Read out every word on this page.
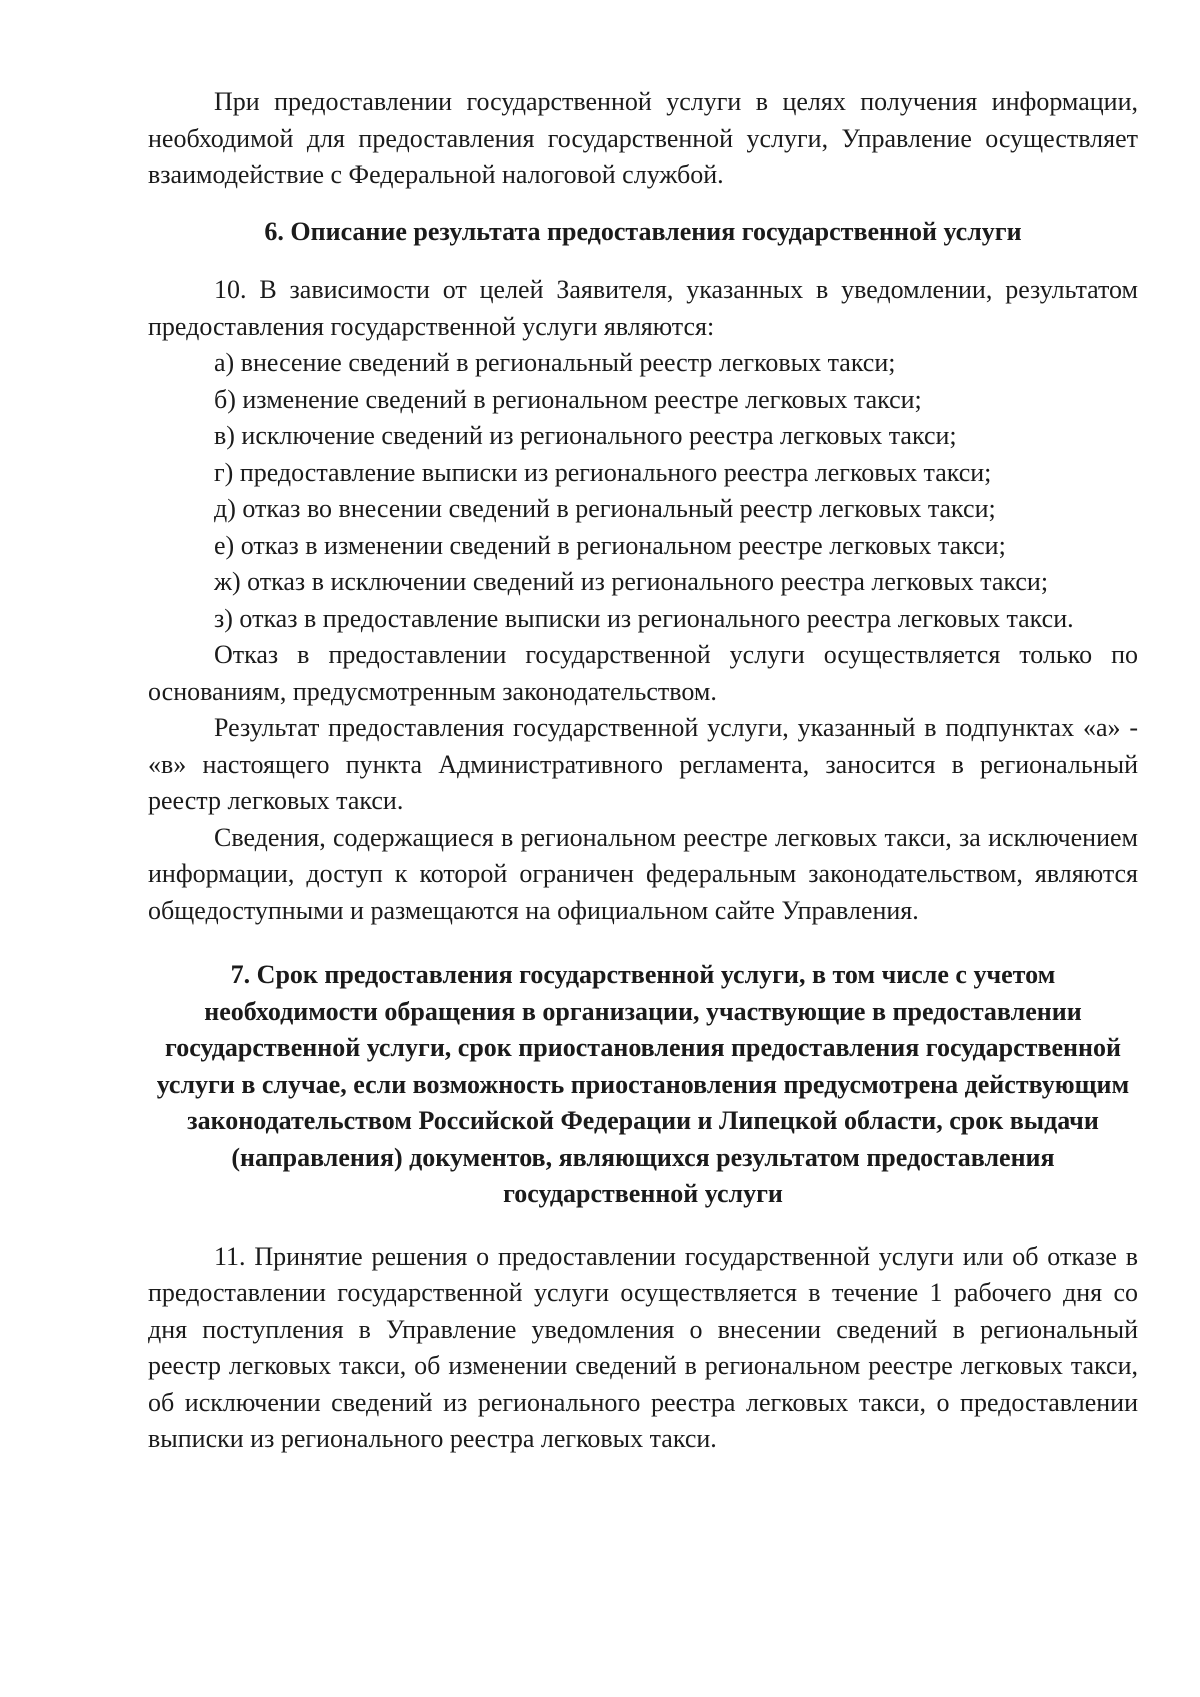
При предоставлении государственной услуги в целях получения информации, необходимой для предоставления государственной услуги, Управление осуществляет взаимодействие с Федеральной налоговой службой.

6. Описание результата предоставления государственной услуги

10. В зависимости от целей Заявителя, указанных в уведомлении, результатом предоставления государственной услуги являются:

а) внесение сведений в региональный реестр легковых такси;

б) изменение сведений в региональном реестре легковых такси;

в) исключение сведений из регионального реестра легковых такси;

г) предоставление выписки из регионального реестра легковых такси;

д) отказ во внесении сведений в региональный реестр легковых такси;

е) отказ в изменении сведений в региональном реестре легковых такси;

ж) отказ в исключении сведений из регионального реестра легковых такси;

з) отказ в предоставление выписки из регионального реестра легковых такси.

Отказ в предоставлении государственной услуги осуществляется только по основаниям, предусмотренным законодательством.

Результат предоставления государственной услуги, указанный в подпунктах «а» - «в» настоящего пункта Административного регламента, заносится в региональный реестр легковых такси.

Сведения, содержащиеся в региональном реестре легковых такси, за исключением информации, доступ к которой ограничен федеральным законодательством, являются общедоступными и размещаются на официальном сайте Управления.

7. Срок предоставления государственной услуги, в том числе с учетом необходимости обращения в организации, участвующие в предоставлении государственной услуги, срок приостановления предоставления государственной услуги в случае, если возможность приостановления предусмотрена действующим законодательством Российской Федерации и Липецкой области, срок выдачи (направления) документов, являющихся результатом предоставления государственной услуги

11. Принятие решения о предоставлении государственной услуги или об отказе в предоставлении государственной услуги осуществляется в течение 1 рабочего дня со дня поступления в Управление уведомления о внесении сведений в региональный реестр легковых такси, об изменении сведений в региональном реестре легковых такси, об исключении сведений из регионального реестра легковых такси, о предоставлении выписки из регионального реестра легковых такси.
